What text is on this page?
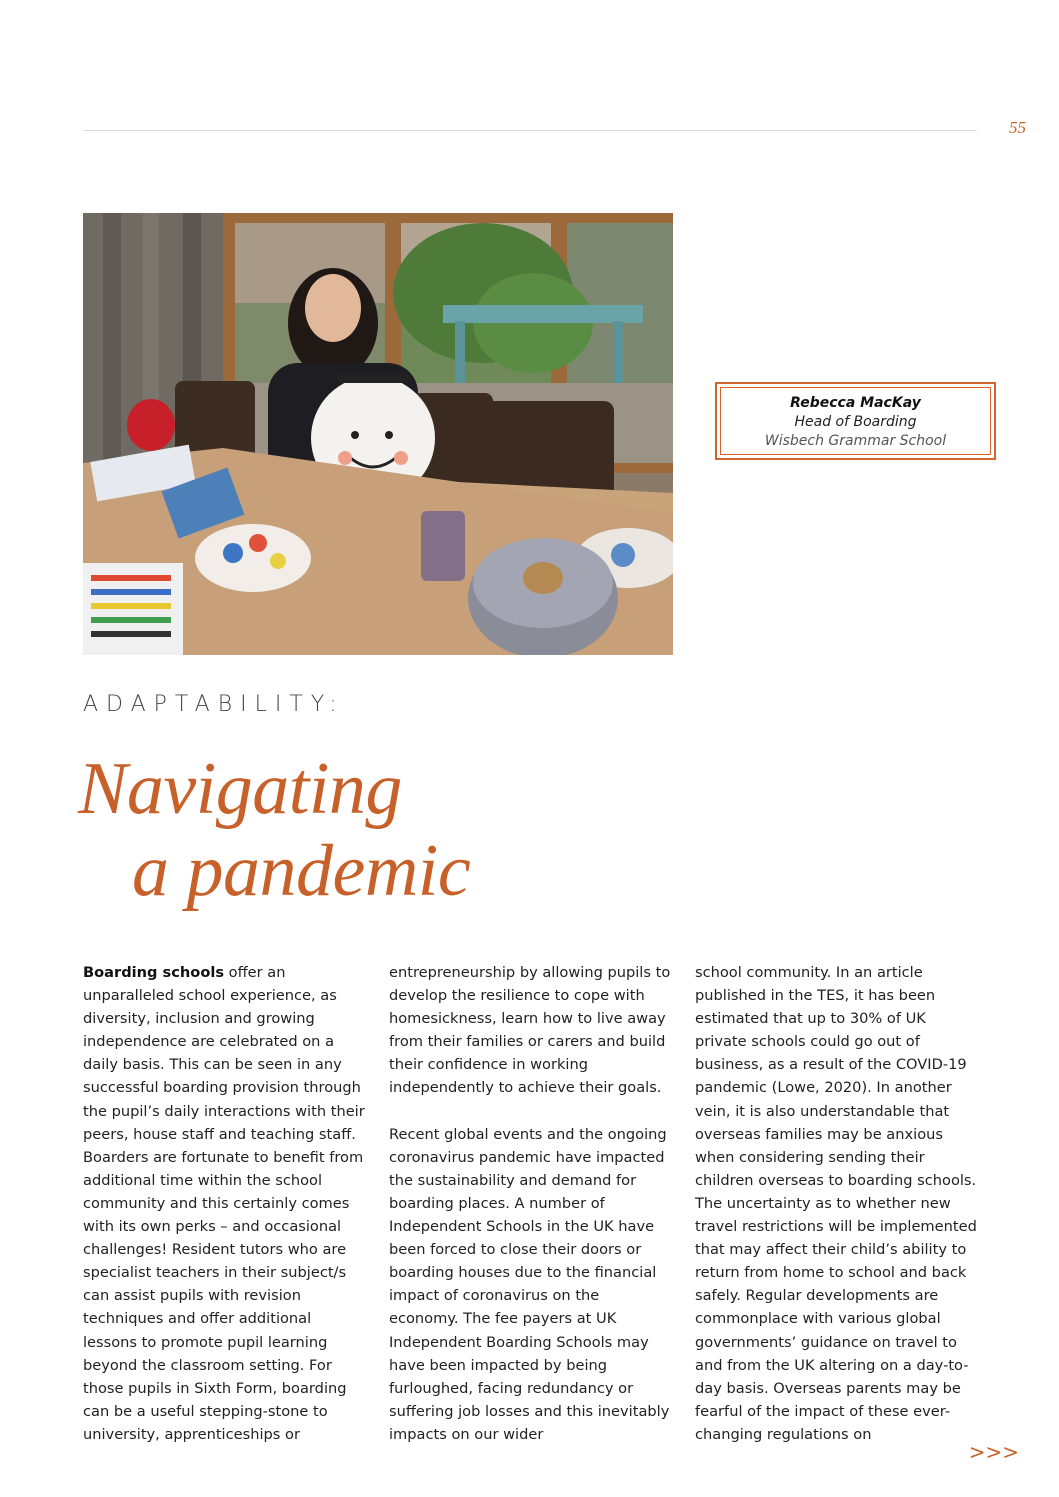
55
Rebecca MacKay
Head of Boarding
Wisbech Grammar School
ADAPTABILITY:
Navigating
a pandemic

Boarding schools offer an unparalleled school experience, as diversity, inclusion and growing independence are celebrated on a daily basis. This can be seen in any successful boarding provision through the pupil’s daily interactions with their peers, house staff and teaching staff. Boarders are fortunate to benefit from additional time within the school community and this certainly comes with its own perks – and occasional challenges! Resident tutors who are specialist teachers in their subject/s can assist pupils with revision techniques and offer additional lessons to promote pupil learning beyond the classroom setting. For those pupils in Sixth Form, boarding can be a useful stepping-stone to university, apprenticeships or

entrepreneurship by allowing pupils to develop the resilience to cope with homesickness, learn how to live away from their families or carers and build their confidence in working independently to achieve their goals.

Recent global events and the ongoing coronavirus pandemic have impacted the sustainability and demand for boarding places. A number of Independent Schools in the UK have been forced to close their doors or boarding houses due to the financial impact of coronavirus on the economy. The fee payers at UK Independent Boarding Schools may have been impacted by being furloughed, facing redundancy or suffering job losses and this inevitably impacts on our wider

school community. In an article published in the TES, it has been estimated that up to 30% of UK private schools could go out of business, as a result of the COVID-19 pandemic (Lowe, 2020). In another vein, it is also understandable that overseas families may be anxious when considering sending their children overseas to boarding schools. The uncertainty as to whether new travel restrictions will be implemented that may affect their child’s ability to return from home to school and back safely. Regular developments are commonplace with various global governments’ guidance on travel to and from the UK altering on a day-to-day basis. Overseas parents may be fearful of the impact of these ever-changing regulations on

>>>
